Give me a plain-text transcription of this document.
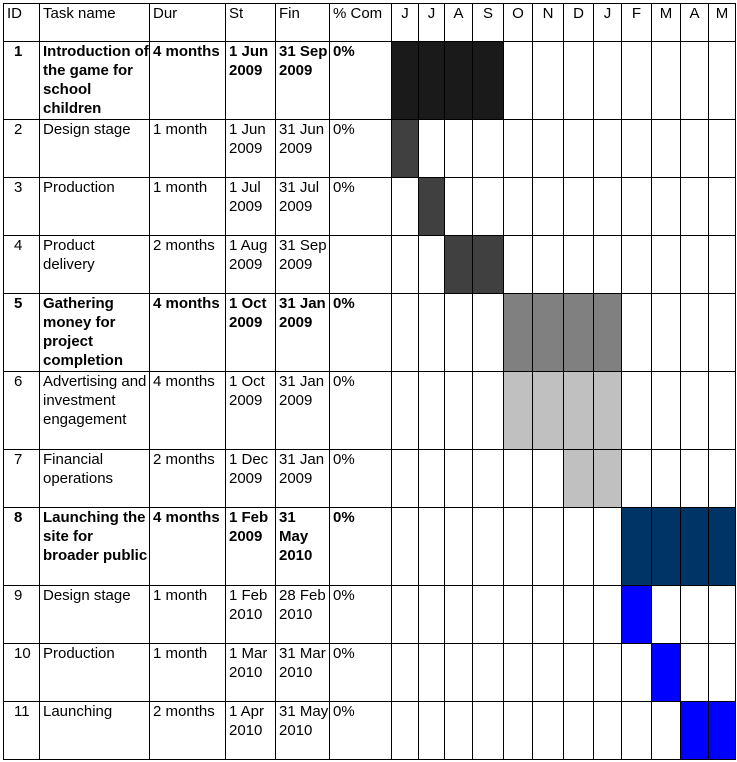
ID	Task name	Dur	St	Fin	% Com	J	J	A	S	O	N	D	J	F	M	A	M
1	Introduction of the game for school children	4 months	1 Jun 2009	31 Sep 2009	0%												
2	Design stage	1 month	1 Jun 2009	31 Jun 2009	0%												
3	Production	1 month	1 Jul 2009	31 Jul 2009	0%												
4	Product delivery	2 months	1 Aug 2009	31 Sep 2009													
5	Gathering money for project completion	4 months	1 Oct 2009	31 Jan 2009	0%												
6	Advertising and investment engagement	4 months	1 Oct 2009	31 Jan 2009	0%												
7	Financial operations	2 months	1 Dec 2009	31 Jan 2009	0%												
8	Launching the site for broader public	4 months	1 Feb 2009	31 May 2010	0%												
9	Design stage	1 month	1 Feb 2010	28 Feb 2010	0%												
10	Production	1 month	1 Mar 2010	31 Mar 2010	0%												
11	Launching	2 months	1 Apr 2010	31 May 2010	0%												
